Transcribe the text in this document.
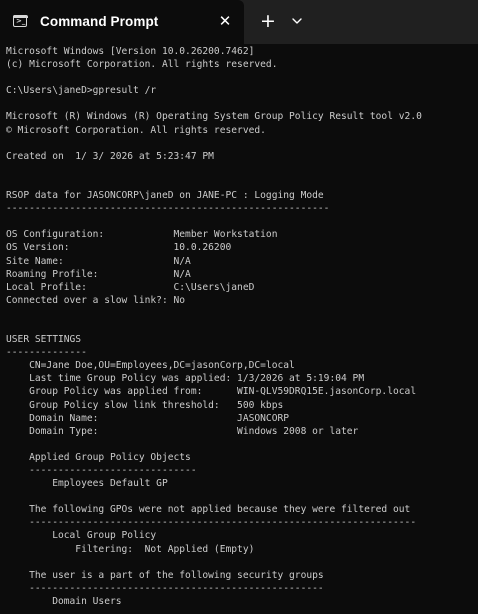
>_ Command Prompt	✕ +
Microsoft Windows [Version 10.0.26200.7462]
(c) Microsoft Corporation. All rights reserved.

C:\Users\janeD>gpresult /r

Microsoft (R) Windows (R) Operating System Group Policy Result tool v2.0
© Microsoft Corporation. All rights reserved.

Created on  1/ 3/ 2026 at 5:23:47 PM

RSOP data for JASONCORP\janeD on JANE-PC : Logging Mode
--------------------------------------------------------

OS Configuration:            Member Workstation
OS Version:                  10.0.26200
Site Name:                   N/A
Roaming Profile:             N/A
Local Profile:               C:\Users\janeD
Connected over a slow link?: No

USER SETTINGS
--------------
CN=Jane Doe,OU=Employees,DC=jasonCorp,DC=local
Last time Group Policy was applied: 1/3/2026 at 5:19:04 PM
Group Policy was applied from:      WIN-QLV59DRQ15E.jasonCorp.local
Group Policy slow link threshold:   500 kbps
Domain Name:                        JASONCORP
Domain Type:                        Windows 2008 or later

Applied Group Policy Objects
-----------------------------
Employees Default GP

The following GPOs were not applied because they were filtered out
-------------------------------------------------------------------
Local Group Policy
Filtering:  Not Applied (Empty)

The user is a part of the following security groups
---------------------------------------------------
Domain Users
